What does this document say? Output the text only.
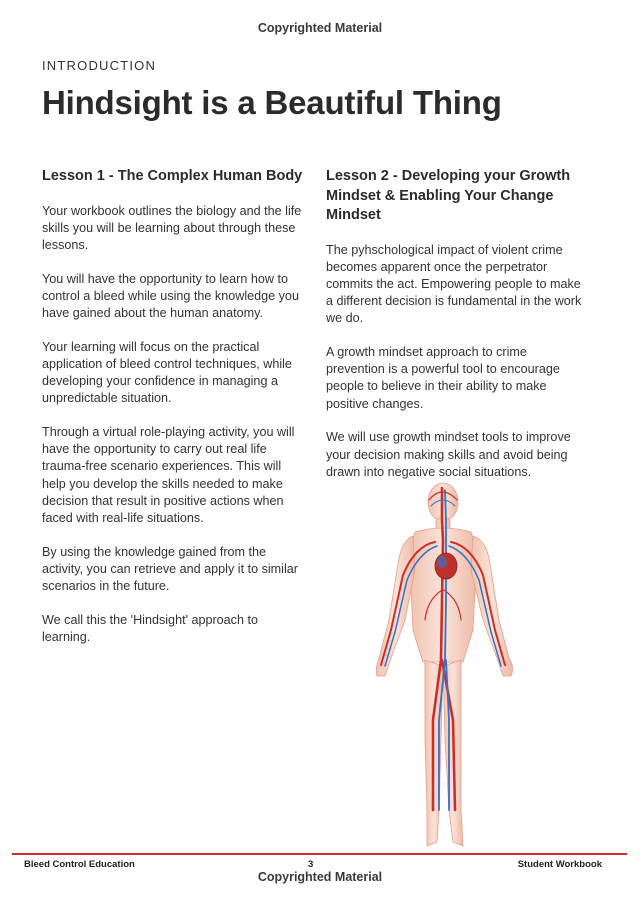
Copyrighted Material
INTRODUCTION
Hindsight is a Beautiful Thing
Lesson 1 - The Complex Human Body

Your workbook outlines the biology and the life skills you will be learning about through these lessons.

You will have the opportunity to learn how to control a bleed while using the knowledge you have gained about the human anatomy.

Your learning will focus on the practical application of bleed control techniques, while developing your confidence in managing a unpredictable situation.

Through a virtual role-playing activity, you will have the opportunity to carry out real life trauma-free scenario experiences. This will help you develop the skills needed to make decision that result in positive actions when faced with real-life situations.

By using the knowledge gained from the activity, you can retrieve and apply it to similar scenarios in the future.

We call this the 'Hindsight' approach to learning.

Lesson 2 - Developing your Growth Mindset & Enabling Your Change Mindset

The pyhschological impact of violent crime becomes apparent once the perpetrator commits the act. Empowering people to make a different decision is fundamental in the work we do.

A growth mindset approach to crime prevention is a powerful tool to encourage people to believe in their ability to make positive changes.

We will use growth mindset tools to improve your decision making skills and avoid being drawn into negative social situations.

Bleed Control Education	3	Student Workbook
Copyrighted Material
